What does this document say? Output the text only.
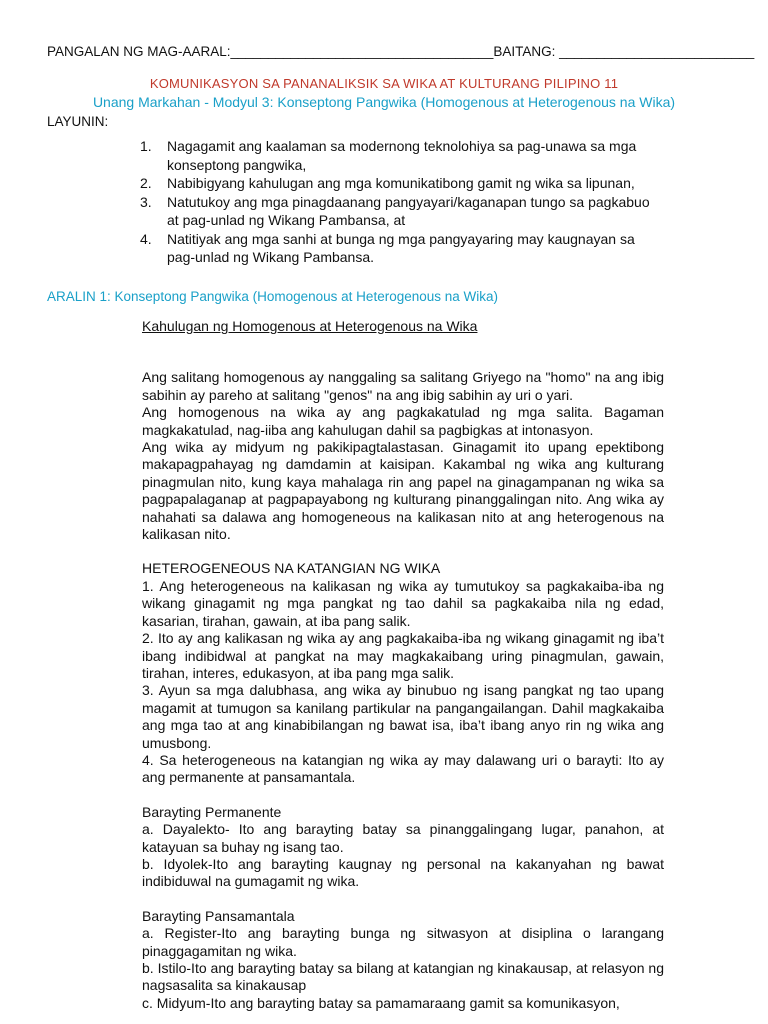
PANGALAN NG MAG-AARAL:___________________________________BAITANG: __________________________
KOMUNIKASYON SA PANANALIKSIK SA WIKA AT KULTURANG PILIPINO 11
Unang Markahan - Modyul 3: Konseptong Pangwika (Homogenous at Heterogenous na Wika)
LAYUNIN:
1. Nagagamit ang kaalaman sa modernong teknolohiya sa pag-unawa sa mga konseptong pangwika,
2. Nabibigyang kahulugan ang mga komunikatibong gamit ng wika sa lipunan,
3. Natutukoy ang mga pinagdaanang pangyayari/kaganapan tungo sa pagkabuo at pag-unlad ng Wikang Pambansa, at
4. Natitiyak ang mga sanhi at bunga ng mga pangyayaring may kaugnayan sa pag-unlad ng Wikang Pambansa.
ARALIN 1: Konseptong Pangwika (Homogenous at Heterogenous na Wika)

Kahulugan ng Homogenous at Heterogenous na Wika

Ang salitang homogenous ay nanggaling sa salitang Griyego na "homo" na ang ibig sabihin ay pareho at salitang "genos" na ang ibig sabihin ay uri o yari.

Ang homogenous na wika ay ang pagkakatulad ng mga salita. Bagaman magkakatulad, nag-iiba ang kahulugan dahil sa pagbigkas at intonasyon.

Ang wika ay midyum ng pakikipagtalastasan. Ginagamit ito upang epektibong makapagpahayag ng damdamin at kaisipan. Kakambal ng wika ang kulturang pinagmulan nito, kung kaya mahalaga rin ang papel na ginagampanan ng wika sa pagpapalaganap at pagpapayabong ng kulturang pinanggalingan nito. Ang wika ay nahahati sa dalawa ang homogeneous na kalikasan nito at ang heterogenous na kalikasan nito.

HETEROGENEOUS NA KATANGIAN NG WIKA

1. Ang heterogeneous na kalikasan ng wika ay tumutukoy sa pagkakaiba-iba ng wikang ginagamit ng mga pangkat ng tao dahil sa pagkakaiba nila ng edad, kasarian, tirahan, gawain, at iba pang salik.

2. Ito ay ang kalikasan ng wika ay ang pagkakaiba-iba ng wikang ginagamit ng iba’t ibang indibidwal at pangkat na may magkakaibang uring pinagmulan, gawain, tirahan, interes, edukasyon, at iba pang mga salik.

3. Ayun sa mga dalubhasa, ang wika ay binubuo ng isang pangkat ng tao upang magamit at tumugon sa kanilang partikular na pangangailangan. Dahil magkakaiba ang mga tao at ang kinabibilangan ng bawat isa, iba’t ibang anyo rin ng wika ang umusbong.

4. Sa heterogeneous na katangian ng wika ay may dalawang uri o barayti: Ito ay ang permanente at pansamantala.

Barayting Permanente

a. Dayalekto- Ito ang barayting batay sa pinanggalingang lugar, panahon, at katayuan sa buhay ng isang tao.

b. Idyolek-Ito ang barayting kaugnay ng personal na kakanyahan ng bawat indibiduwal na gumagamit ng wika.

Barayting Pansamantala

a. Register-Ito ang barayting bunga ng sitwasyon at disiplina o larangang pinaggagamitan ng wika.

b. Istilo-Ito ang barayting batay sa bilang at katangian ng kinakausap, at relasyon ng nagsasalita sa kinakausap

c. Midyum-Ito ang barayting batay sa pamamaraang gamit sa komunikasyon,
